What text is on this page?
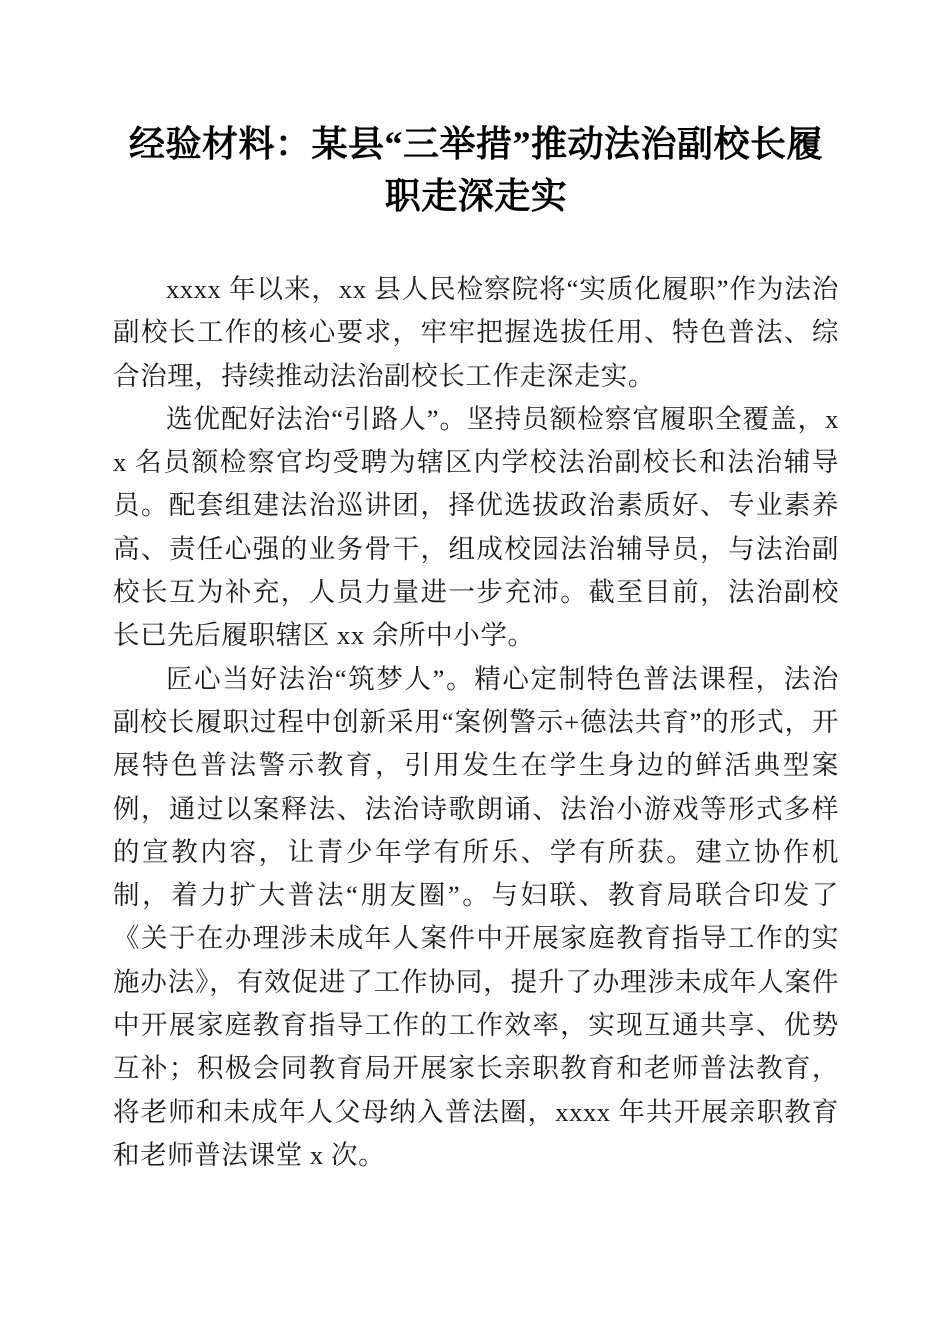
经验材料：某县“三举措”推动法治副校长履职走深走实

xxxx 年以来，xx 县人民检察院将“实质化履职”作为法治副校长工作的核心要求，牢牢把握选拔任用、特色普法、综合治理，持续推动法治副校长工作走深走实。

选优配好法治“引路人”。坚持员额检察官履职全覆盖，xx 名员额检察官均受聘为辖区内学校法治副校长和法治辅导员。配套组建法治巡讲团，择优选拔政治素质好、专业素养高、责任心强的业务骨干，组成校园法治辅导员，与法治副校长互为补充，人员力量进一步充沛。截至目前，法治副校长已先后履职辖区 xx 余所中小学。

匠心当好法治“筑梦人”。精心定制特色普法课程，法治副校长履职过程中创新采用“案例警示+德法共育”的形式，开展特色普法警示教育，引用发生在学生身边的鲜活典型案例，通过以案释法、法治诗歌朗诵、法治小游戏等形式多样的宣教内容，让青少年学有所乐、学有所获。建立协作机制，着力扩大普法“朋友圈”。与妇联、教育局联合印发了《关于在办理涉未成年人案件中开展家庭教育指导工作的实施办法》，有效促进了工作协同，提升了办理涉未成年人案件中开展家庭教育指导工作的工作效率，实现互通共享、优势互补；积极会同教育局开展家长亲职教育和老师普法教育，将老师和未成年人父母纳入普法圈，xxxx 年共开展亲职教育和老师普法课堂 x 次。
